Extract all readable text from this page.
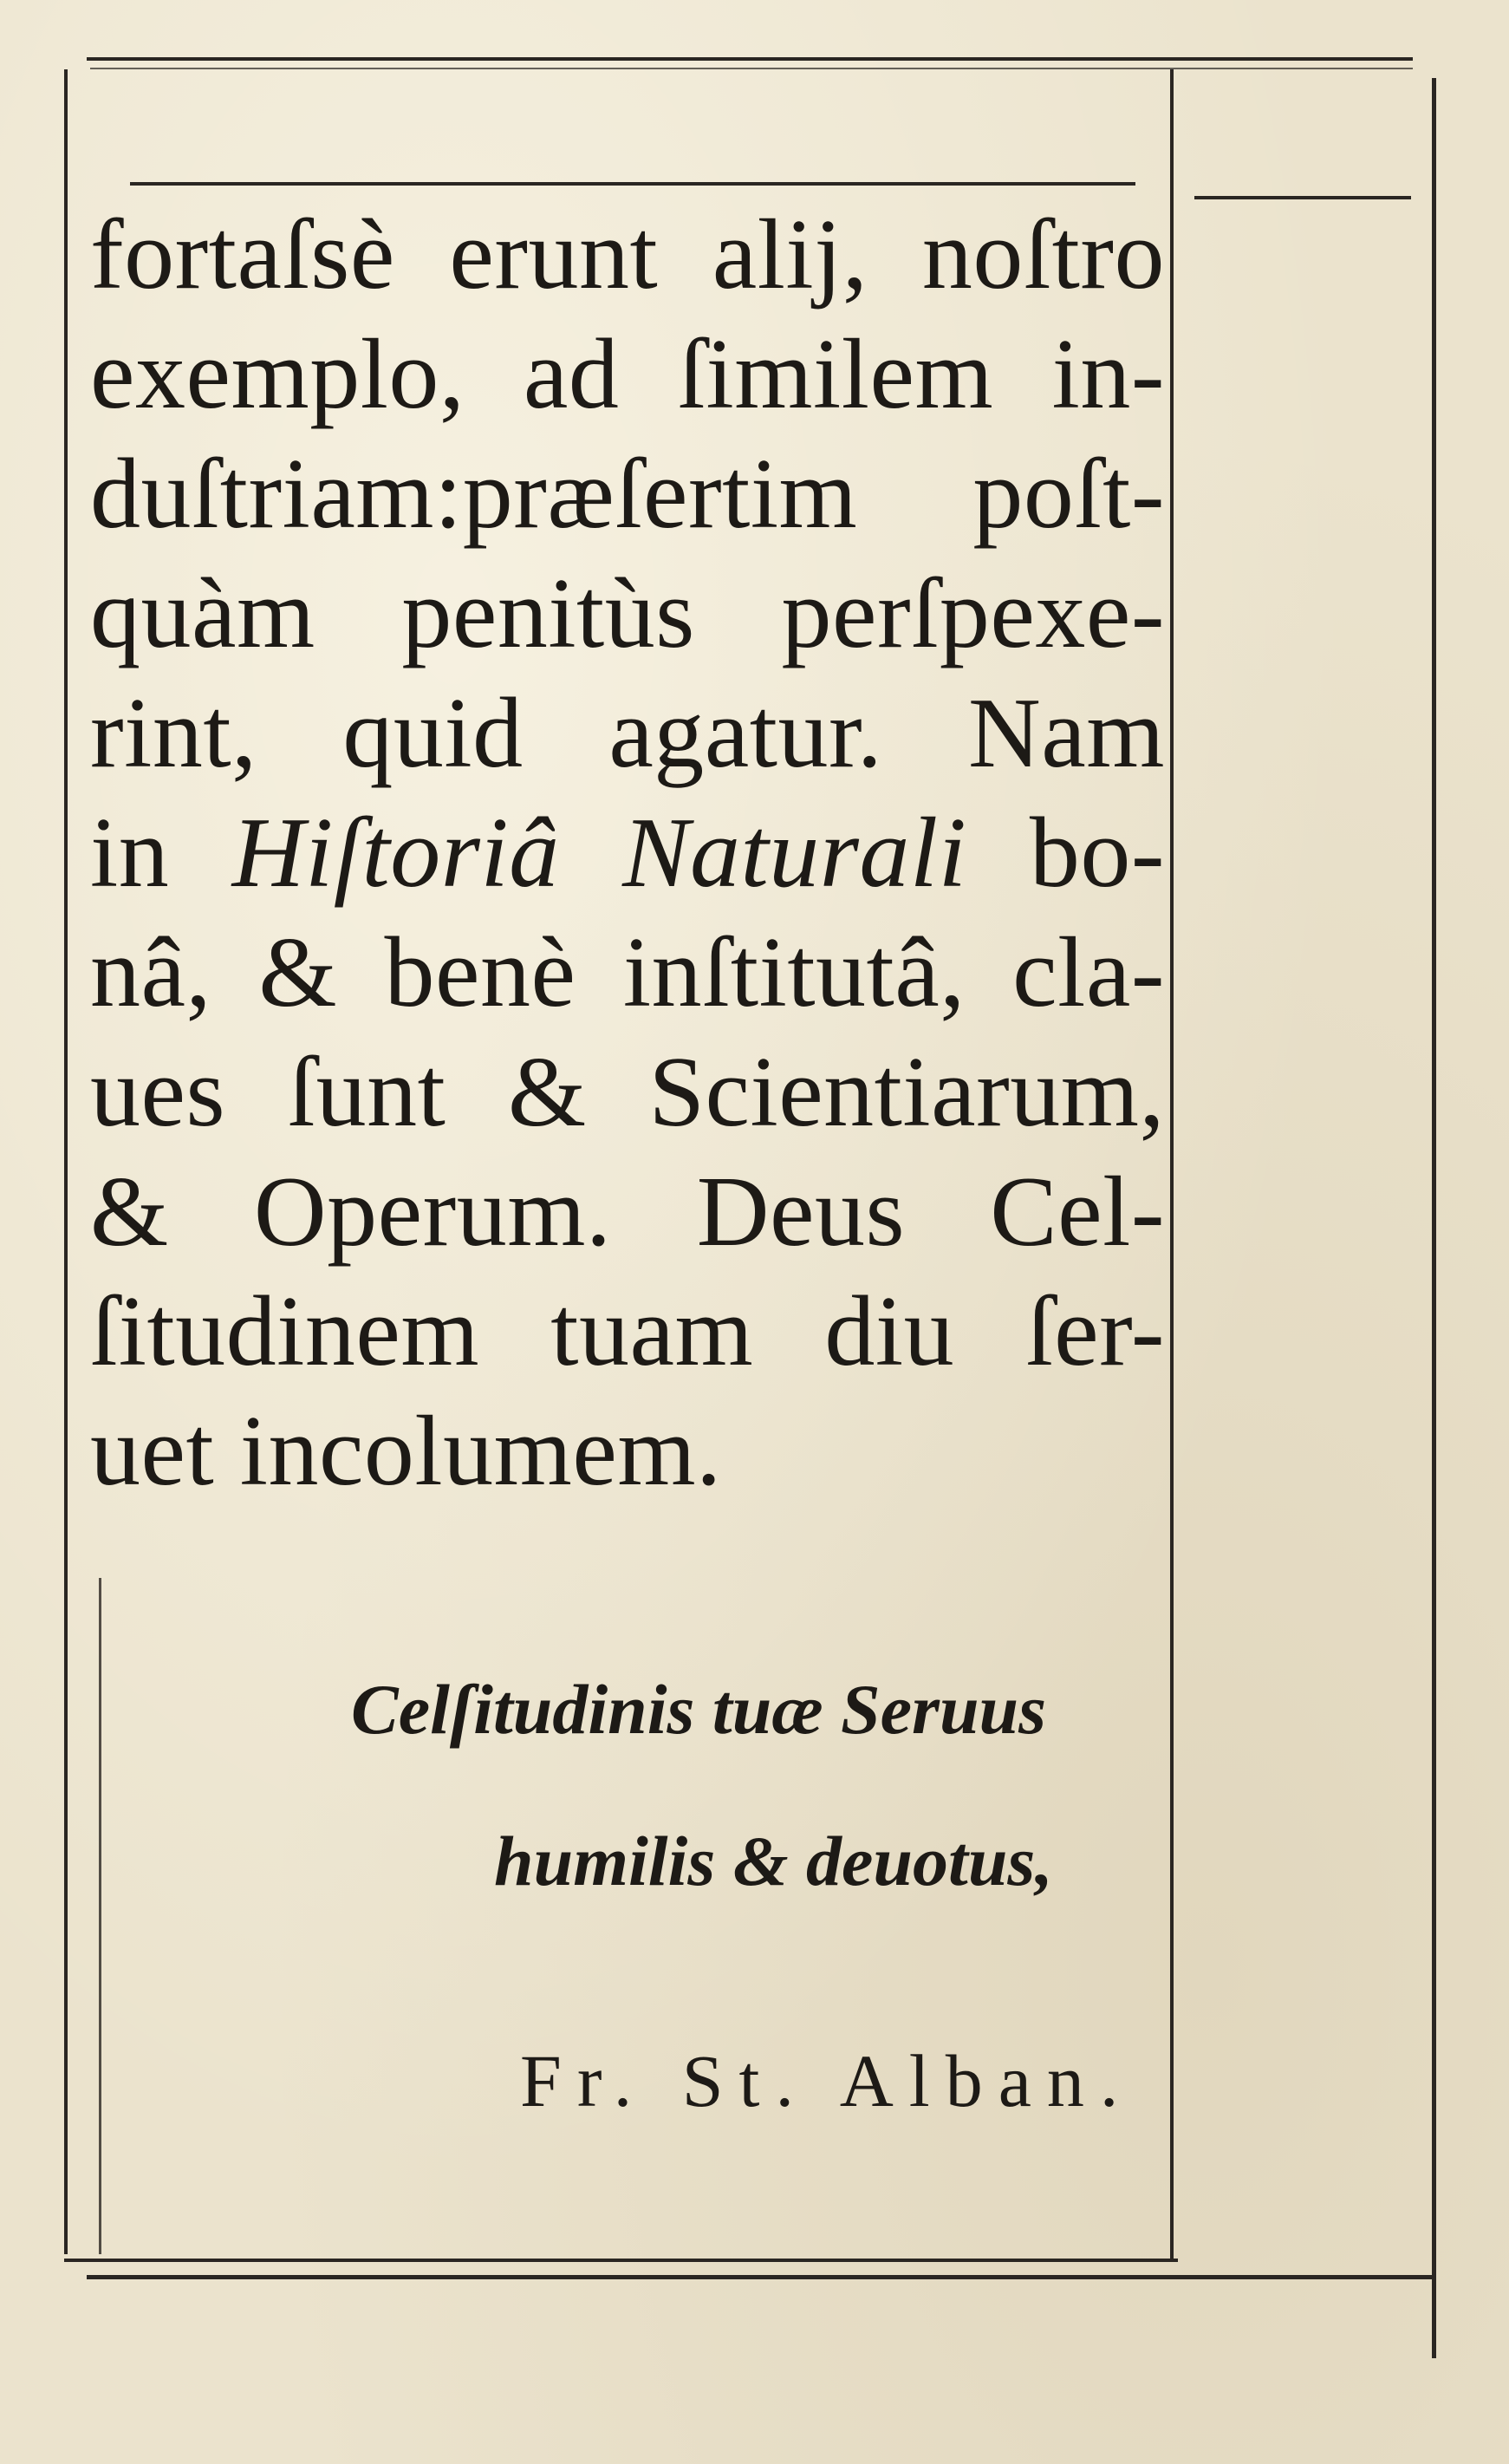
fortaſsè erunt alij, noſtro
exemplo, ad ſimilem in-
duſtriam:præſertim poſt-
quàm penitùs perſpexe-
rint, quid agatur. Nam
in Hiſtoriâ Naturali bo-
nâ, & benè inſtitutâ, cla-
ues ſunt & Scientiarum,
& Operum. Deus Cel-
ſitudinem tuam diu ſer-
uet incolumem.
Celſitudinis tuæ Seruus
humilis & deuotus,
Fr. St. Alban.
